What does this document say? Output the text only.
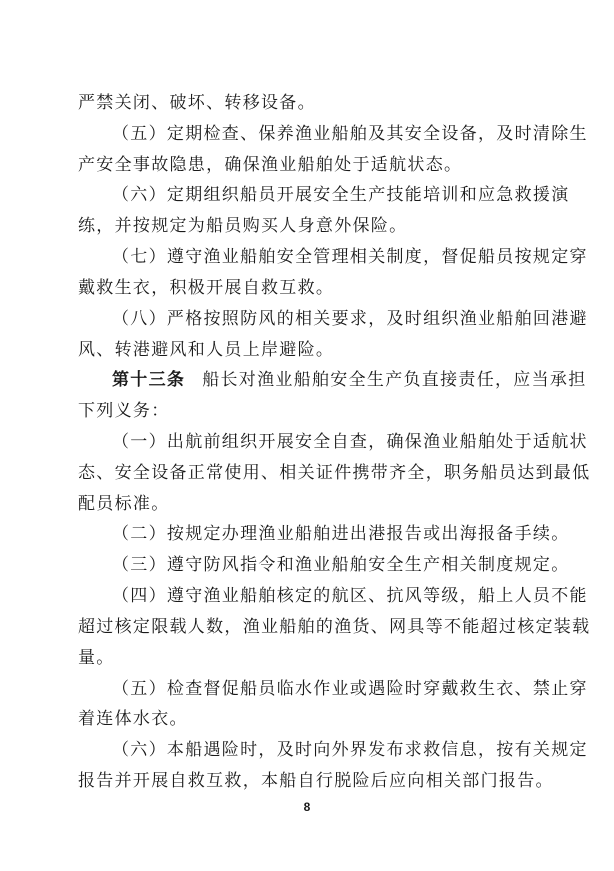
严禁关闭、破坏、转移设备。
（五）定期检查、保养渔业船舶及其安全设备，及时清除生
产安全事故隐患，确保渔业船舶处于适航状态。
（六）定期组织船员开展安全生产技能培训和应急救援演
练，并按规定为船员购买人身意外保险。
（七）遵守渔业船舶安全管理相关制度，督促船员按规定穿
戴救生衣，积极开展自救互救。
（八）严格按照防风的相关要求，及时组织渔业船舶回港避
风、转港避风和人员上岸避险。
第十三条 船长对渔业船舶安全生产负直接责任，应当承担
下列义务：
（一）出航前组织开展安全自查，确保渔业船舶处于适航状
态、安全设备正常使用、相关证件携带齐全，职务船员达到最低
配员标准。
（二）按规定办理渔业船舶进出港报告或出海报备手续。
（三）遵守防风指令和渔业船舶安全生产相关制度规定。
（四）遵守渔业船舶核定的航区、抗风等级，船上人员不能
超过核定限载人数，渔业船舶的渔货、网具等不能超过核定装载
量。
（五）检查督促船员临水作业或遇险时穿戴救生衣、禁止穿
着连体水衣。
（六）本船遇险时，及时向外界发布求救信息，按有关规定
报告并开展自救互救，本船自行脱险后应向相关部门报告。
8
